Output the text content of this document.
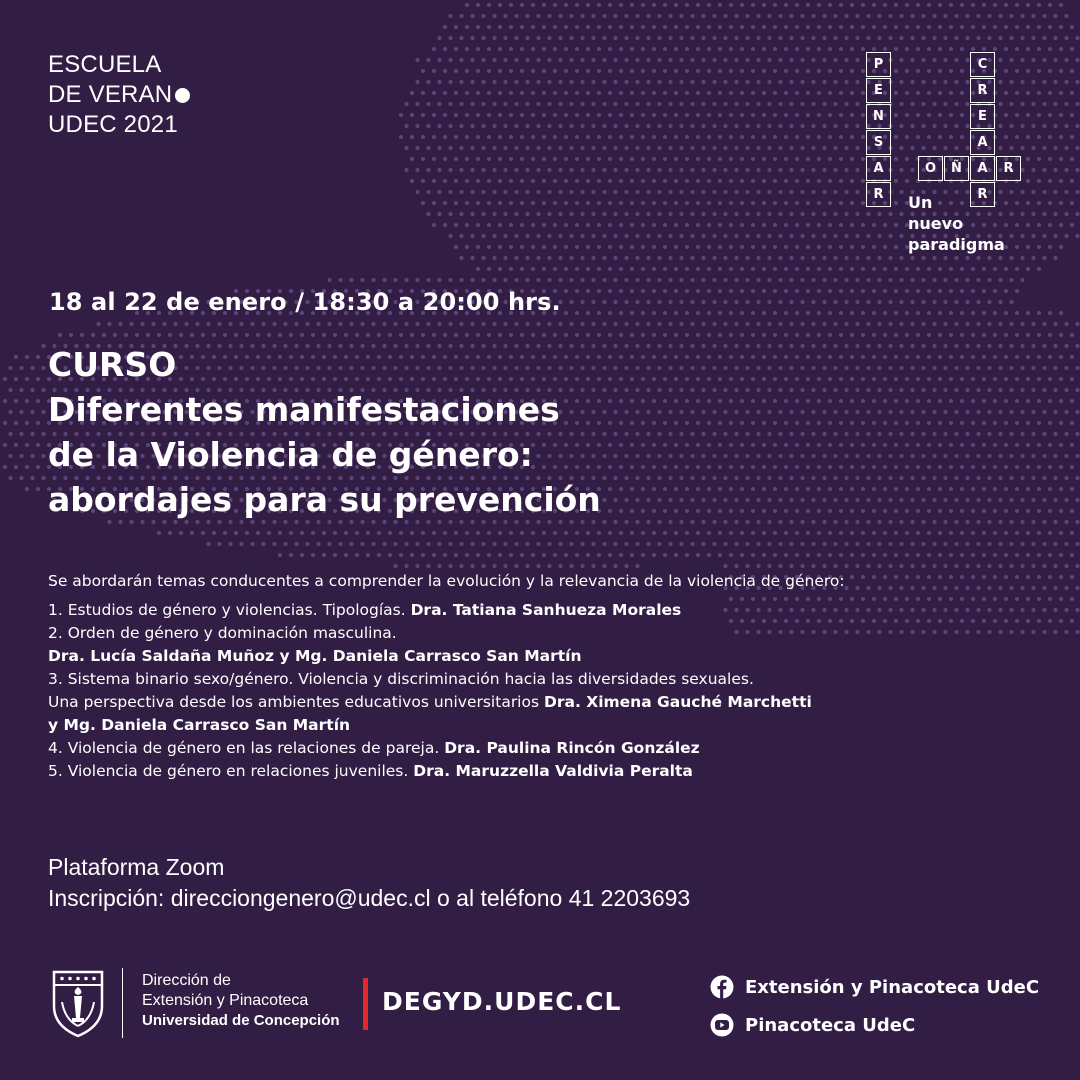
ESCUELA
DE VERAN
UDEC 2021
P
E
N
S
A
R
C
R
E
A
R
O	Ñ	A	R
Un
nuevo
paradigma
18 al 22 de enero / 18:30 a 20:00 hrs.
CURSO
Diferentes manifestaciones
de la Violencia de género:
abordajes para su prevención
Se abordarán temas conducentes a comprender la evolución y la relevancia de la violencia de género:
1. Estudios de género y violencias. Tipologías. Dra. Tatiana Sanhueza Morales
2. Orden de género y dominación masculina.
Dra. Lucía Saldaña Muñoz y Mg. Daniela Carrasco San Martín
3. Sistema binario sexo/género. Violencia y discriminación hacia las diversidades sexuales.
Una perspectiva desde los ambientes educativos universitarios Dra. Ximena Gauché Marchetti
y Mg. Daniela Carrasco San Martín
4. Violencia de género en las relaciones de pareja. Dra. Paulina Rincón González
5. Violencia de género en relaciones juveniles. Dra. Maruzzella Valdivia Peralta
Plataforma Zoom
Inscripción: direcciongenero@udec.cl o al teléfono 41 2203693
Dirección de
Extensión y Pinacoteca
Universidad de Concepción
DEGYD.UDEC.CL	Extensión y Pinacoteca UdeC
Pinacoteca UdeC
